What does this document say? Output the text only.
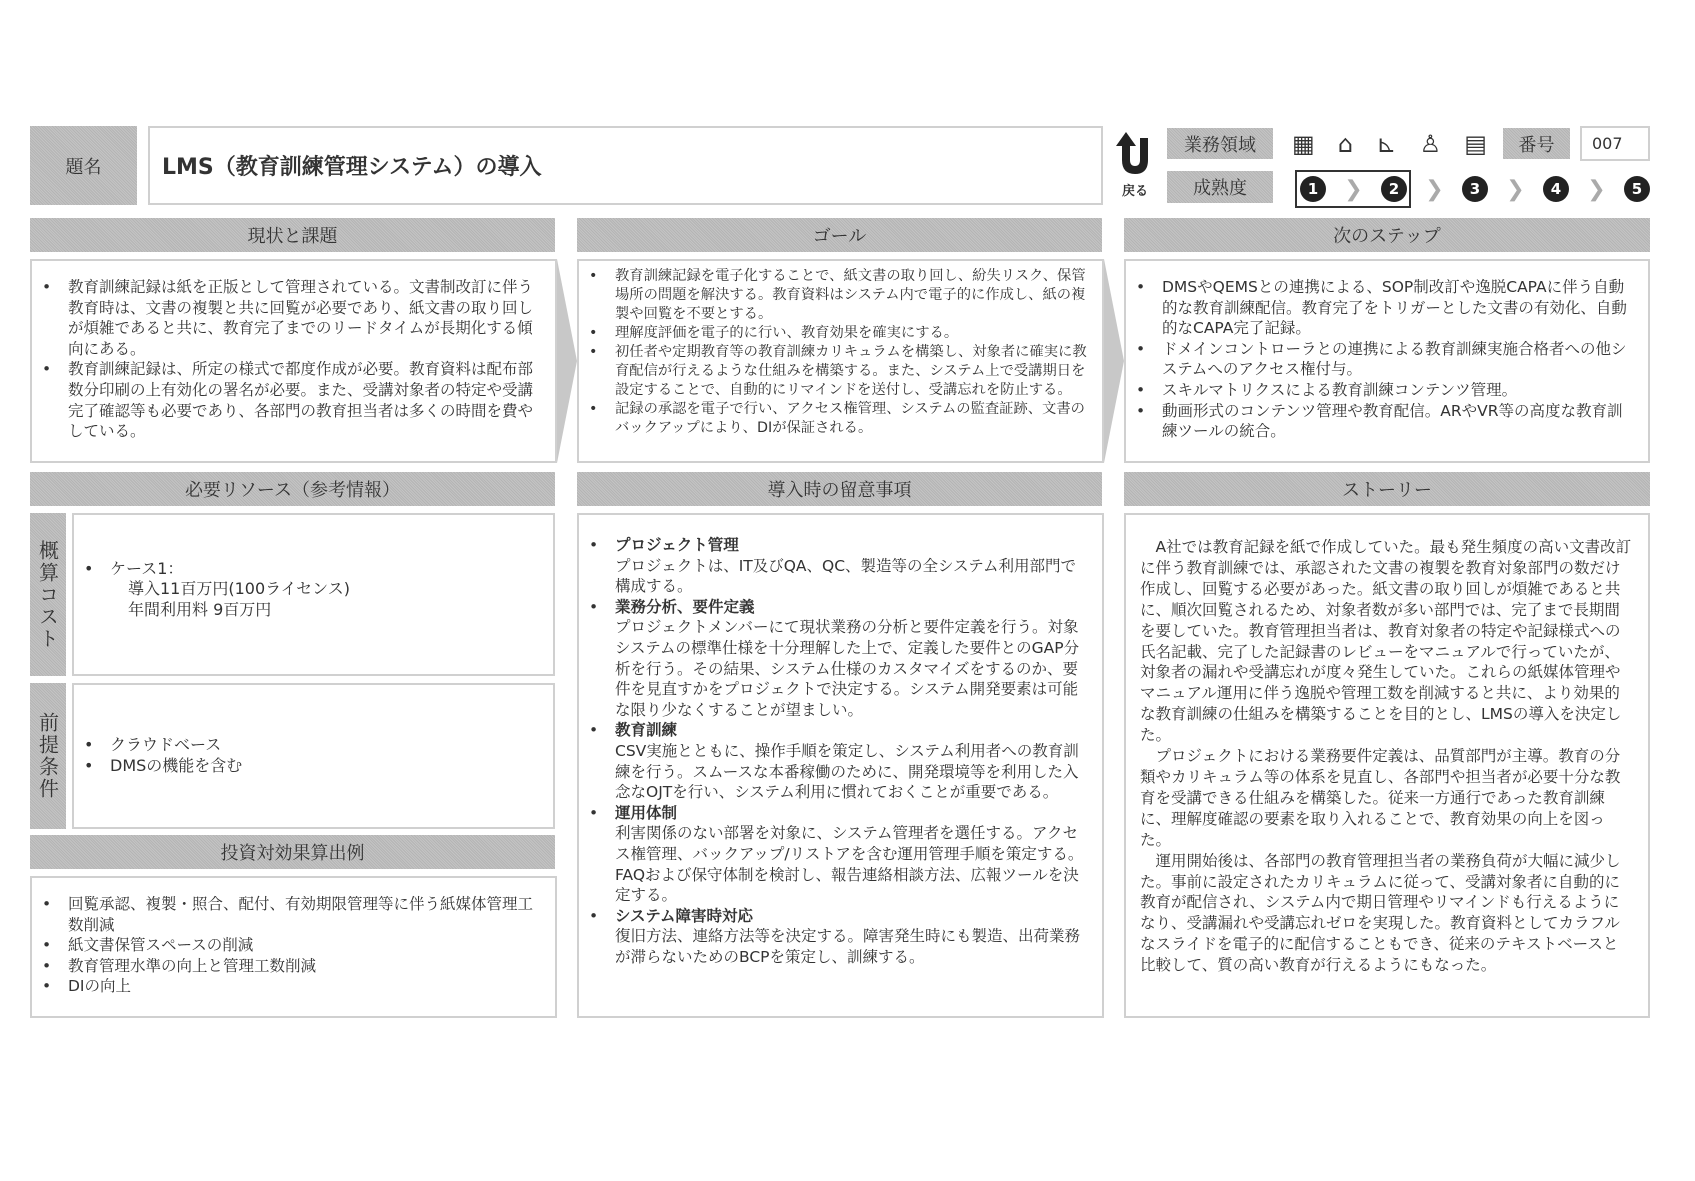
題名	LMS（教育訓練管理システム）の導入
戻る
業務領域	▦ ⌂ ⊾ ♙ ▤	番号	007
成熟度	1	❯	2	❯	3	❯	4	❯	5
現状と課題	ゴール	次のステップ
• 教育訓練記録は紙を正版として管理されている。文書制改訂に伴う教育時は、文書の複製と共に回覧が必要であり、紙文書の取り回しが煩雑であると共に、教育完了までのリードタイムが長期化する傾向にある。
• 教育訓練記録は、所定の様式で都度作成が必要。教育資料は配布部数分印刷の上有効化の署名が必要。また、受講対象者の特定や受講完了確認等も必要であり、各部門の教育担当者は多くの時間を費やしている。
• 教育訓練記録を電子化することで、紙文書の取り回し、紛失リスク、保管場所の問題を解決する。教育資料はシステム内で電子的に作成し、紙の複製や回覧を不要とする。
• 理解度評価を電子的に行い、教育効果を確実にする。
• 初任者や定期教育等の教育訓練カリキュラムを構築し、対象者に確実に教育配信が行えるような仕組みを構築する。また、システム上で受講期日を設定することで、自動的にリマインドを送付し、受講忘れを防止する。
• 記録の承認を電子で行い、アクセス権管理、システムの監査証跡、文書のバックアップにより、DIが保証される。
• DMSやQEMSとの連携による、SOP制改訂や逸脱CAPAに伴う自動的な教育訓練配信。教育完了をトリガーとした文書の有効化、自動的なCAPA完了記録。
• ドメインコントローラとの連携による教育訓練実施合格者への他システムへのアクセス権付与。
• スキルマトリクスによる教育訓練コンテンツ管理。
• 動画形式のコンテンツ管理や教育配信。ARやVR等の高度な教育訓練ツールの統合。
必要リソース（参考情報）	導入時の留意事項	ストーリー
概算コスト	• ケース1：
導入11百万円(100ライセンス)
年間利用料 9百万円
前提条件	• クラウドベース
• DMSの機能を含む
投資対効果算出例
• 回覧承認、複製・照合、配付、有効期限管理等に伴う紙媒体管理工数削減
• 紙文書保管スペースの削減
• 教育管理水準の向上と管理工数削減
• DIの向上
• プロジェクト管理
プロジェクトは、IT及びQA、QC、製造等の全システム利用部門で構成する。
• 業務分析、要件定義
プロジェクトメンバーにて現状業務の分析と要件定義を行う。対象システムの標準仕様を十分理解した上で、定義した要件とのGAP分析を行う。その結果、システム仕様のカスタマイズをするのか、要件を見直すかをプロジェクトで決定する。システム開発要素は可能な限り少なくすることが望ましい。
• 教育訓練
CSV実施とともに、操作手順を策定し、システム利用者への教育訓練を行う。スムースな本番稼働のために、開発環境等を利用した入念なOJTを行い、システム利用に慣れておくことが重要である。
• 運用体制
利害関係のない部署を対象に、システム管理者を選任する。アクセス権管理、バックアップ/リストアを含む運用管理手順を策定する。FAQおよび保守体制を検討し、報告連絡相談方法、広報ツールを決定する。
• システム障害時対応
復旧方法、連絡方法等を決定する。障害発生時にも製造、出荷業務が滞らないためのBCPを策定し、訓練する。

A社では教育記録を紙で作成していた。最も発生頻度の高い文書改訂に伴う教育訓練では、承認された文書の複製を教育対象部門の数だけ作成し、回覧する必要があった。紙文書の取り回しが煩雑であると共に、順次回覧されるため、対象者数が多い部門では、完了まで長期間を要していた。教育管理担当者は、教育対象者の特定や記録様式への氏名記載、完了した記録書のレビューをマニュアルで行っていたが、対象者の漏れや受講忘れが度々発生していた。これらの紙媒体管理やマニュアル運用に伴う逸脱や管理工数を削減すると共に、より効果的な教育訓練の仕組みを構築することを目的とし、LMSの導入を決定した。

プロジェクトにおける業務要件定義は、品質部門が主導。教育の分類やカリキュラム等の体系を見直し、各部門や担当者が必要十分な教育を受講できる仕組みを構築した。従来一方通行であった教育訓練に、理解度確認の要素を取り入れることで、教育効果の向上を図った。

運用開始後は、各部門の教育管理担当者の業務負荷が大幅に減少した。事前に設定されたカリキュラムに従って、受講対象者に自動的に教育が配信され、システム内で期日管理やリマインドも行えるようになり、受講漏れや受講忘れゼロを実現した。教育資料としてカラフルなスライドを電子的に配信することもでき、従来のテキストベースと比較して、質の高い教育が行えるようにもなった。
